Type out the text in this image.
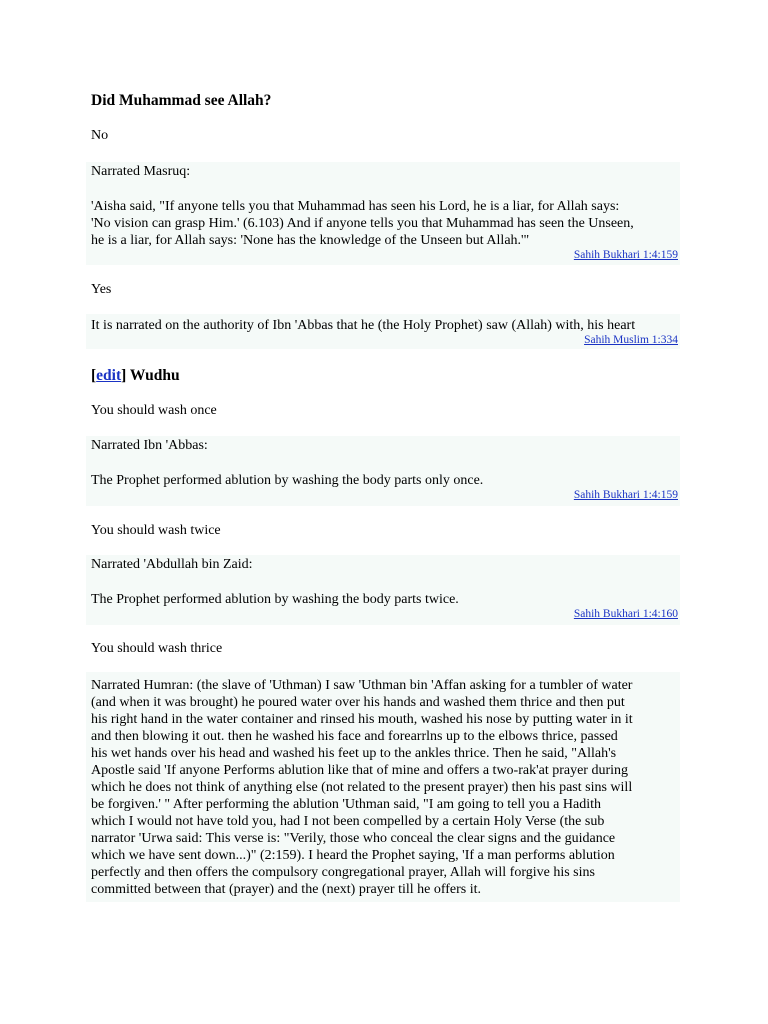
Did Muhammad see Allah?
No
Narrated Masruq:
'Aisha said, "If anyone tells you that Muhammad has seen his Lord, he is a liar, for Allah says:
'No vision can grasp Him.' (6.103) And if anyone tells you that Muhammad has seen the Unseen,
he is a liar, for Allah says: 'None has the knowledge of the Unseen but Allah.'"
Sahih Bukhari 1:4:159
Yes
It is narrated on the authority of Ibn 'Abbas that he (the Holy Prophet) saw (Allah) with, his heart
Sahih Muslim 1:334
[edit] Wudhu
You should wash once
Narrated Ibn 'Abbas:
The Prophet performed ablution by washing the body parts only once.
Sahih Bukhari 1:4:159
You should wash twice
Narrated 'Abdullah bin Zaid:
The Prophet performed ablution by washing the body parts twice.
Sahih Bukhari 1:4:160
You should wash thrice
Narrated Humran: (the slave of 'Uthman) I saw 'Uthman bin 'Affan asking for a tumbler of water
(and when it was brought) he poured water over his hands and washed them thrice and then put
his right hand in the water container and rinsed his mouth, washed his nose by putting water in it
and then blowing it out. then he washed his face and forearrlns up to the elbows thrice, passed
his wet hands over his head and washed his feet up to the ankles thrice. Then he said, "Allah's
Apostle said 'If anyone Performs ablution like that of mine and offers a two-rak'at prayer during
which he does not think of anything else (not related to the present prayer) then his past sins will
be forgiven.' " After performing the ablution 'Uthman said, "I am going to tell you a Hadith
which I would not have told you, had I not been compelled by a certain Holy Verse (the sub
narrator 'Urwa said: This verse is: "Verily, those who conceal the clear signs and the guidance
which we have sent down...)" (2:159). I heard the Prophet saying, 'If a man performs ablution
perfectly and then offers the compulsory congregational prayer, Allah will forgive his sins
committed between that (prayer) and the (next) prayer till he offers it.
